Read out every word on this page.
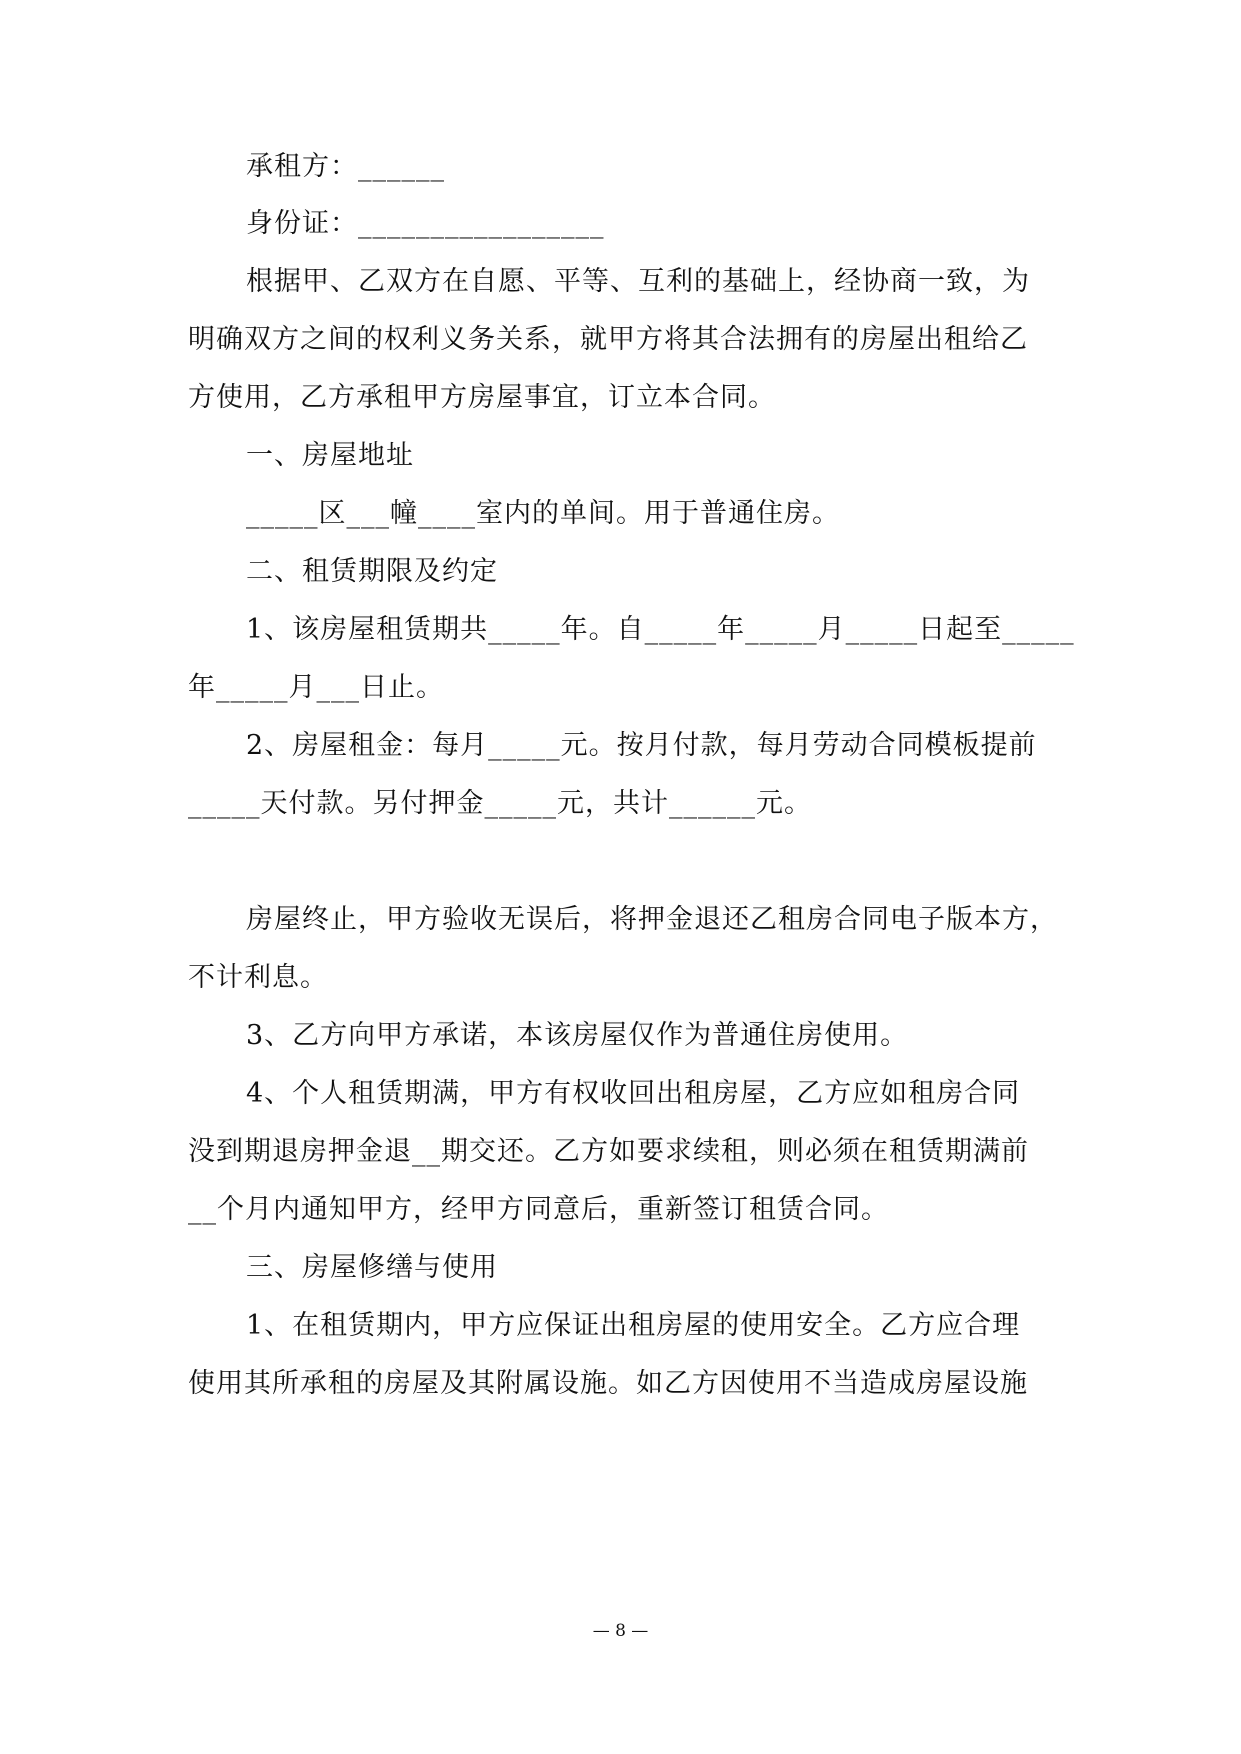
承租方：______
身份证：_________________
根据甲、乙双方在自愿、平等、互利的基础上，经协商一致，为
明确双方之间的权利义务关系，就甲方将其合法拥有的房屋出租给乙
方使用，乙方承租甲方房屋事宜，订立本合同。
一、房屋地址
_____区___幢____室内的单间。用于普通住房。
二、租赁期限及约定
1、该房屋租赁期共_____年。自_____年_____月_____日起至_____
年_____月___日止。
2、房屋租金：每月_____元。按月付款，每月劳动合同模板提前
_____天付款。另付押金_____元，共计______元。
房屋终止，甲方验收无误后，将押金退还乙租房合同电子版本方，
不计利息。
3、乙方向甲方承诺，本该房屋仅作为普通住房使用。
4、个人租赁期满，甲方有权收回出租房屋，乙方应如租房合同
没到期退房押金退__期交还。乙方如要求续租，则必须在租赁期满前
__个月内通知甲方，经甲方同意后，重新签订租赁合同。
三、房屋修缮与使用
1、在租赁期内，甲方应保证出租房屋的使用安全。乙方应合理
使用其所承租的房屋及其附属设施。如乙方因使用不当造成房屋设施
— 8 —
